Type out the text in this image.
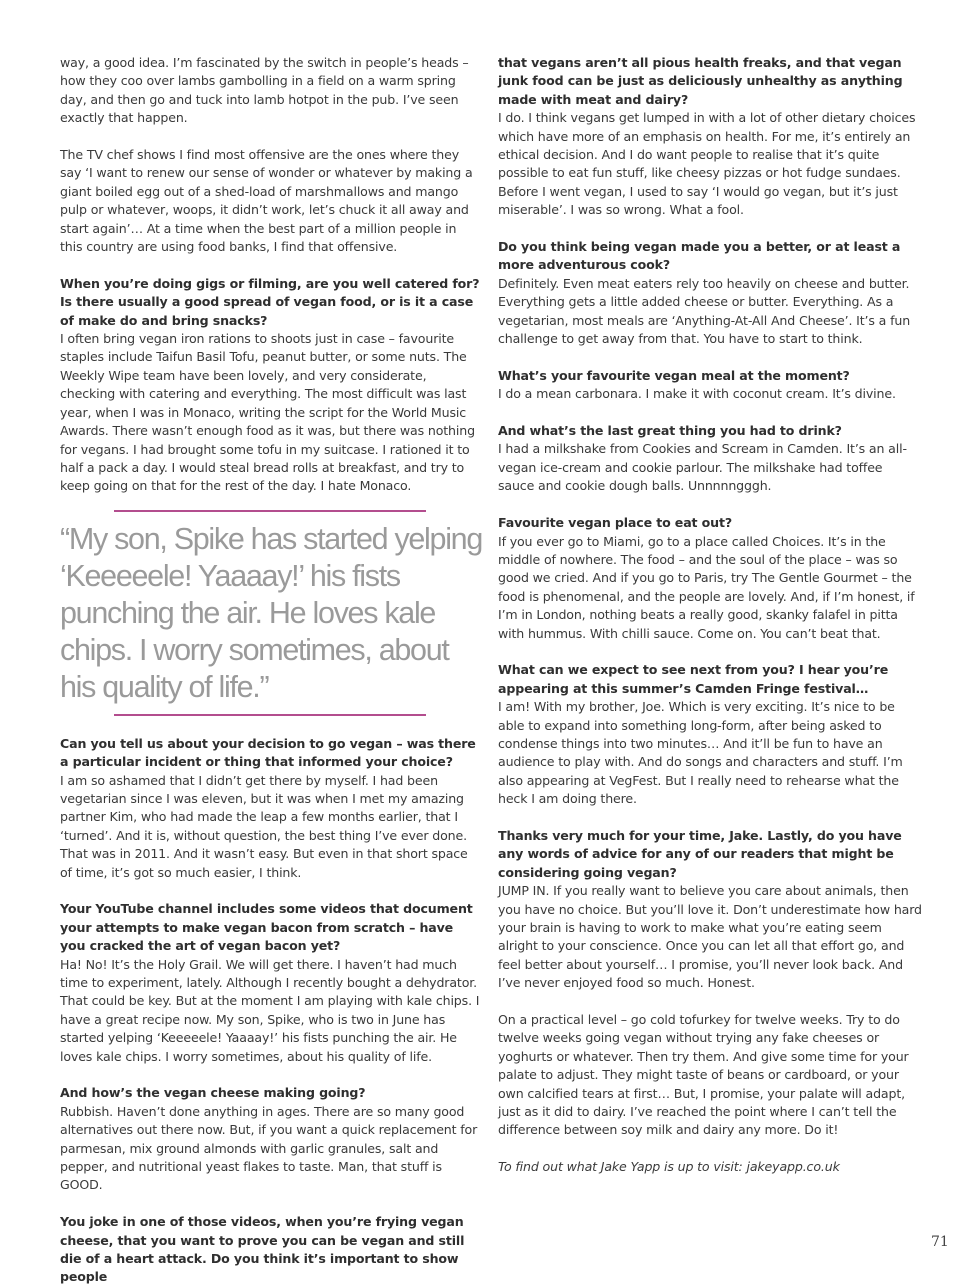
way, a good idea. I’m fascinated by the switch in people’s heads – how they coo over lambs gambolling in a field on a warm spring day, and then go and tuck into lamb hotpot in the pub. I’ve seen exactly that happen.

The TV chef shows I find most offensive are the ones where they say ‘I want to renew our sense of wonder or whatever by making a giant boiled egg out of a shed-load of marshmallows and mango pulp or whatever, woops, it didn’t work, let’s chuck it all away and start again’… At a time when the best part of a million people in this country are using food banks, I find that offensive.

When you’re doing gigs or filming, are you well catered for? Is there usually a good spread of vegan food, or is it a case of make do and bring snacks?

I often bring vegan iron rations to shoots just in case – favourite staples include Taifun Basil Tofu, peanut butter, or some nuts. The Weekly Wipe team have been lovely, and very considerate, checking with catering and everything. The most difficult was last year, when I was in Monaco, writing the script for the World Music Awards. There wasn’t enough food as it was, but there was nothing for vegans. I had brought some tofu in my suitcase. I rationed it to half a pack a day. I would steal bread rolls at breakfast, and try to keep going on that for the rest of the day. I hate Monaco.

“My son, Spike has started yelping ‘Keeeeele! Yaaaay!’ his fists punching the air. He loves kale chips. I worry sometimes, about his quality of life.”

Can you tell us about your decision to go vegan – was there a particular incident or thing that informed your choice?

I am so ashamed that I didn’t get there by myself. I had been vegetarian since I was eleven, but it was when I met my amazing partner Kim, who had made the leap a few months earlier, that I ‘turned’. And it is, without question, the best thing I’ve ever done. That was in 2011. And it wasn’t easy. But even in that short space of time, it’s got so much easier, I think.

Your YouTube channel includes some videos that document your attempts to make vegan bacon from scratch – have you cracked the art of vegan bacon yet?

Ha! No! It’s the Holy Grail. We will get there. I haven’t had much time to experiment, lately. Although I recently bought a dehydrator. That could be key. But at the moment I am playing with kale chips. I have a great recipe now. My son, Spike, who is two in June has started yelping ‘Keeeeele! Yaaaay!’ his fists punching the air. He loves kale chips. I worry sometimes, about his quality of life.

And how’s the vegan cheese making going?

Rubbish. Haven’t done anything in ages. There are so many good alternatives out there now. But, if you want a quick replacement for parmesan, mix ground almonds with garlic granules, salt and pepper, and nutritional yeast flakes to taste. Man, that stuff is GOOD.

You joke in one of those videos, when you’re frying vegan cheese, that you want to prove you can be vegan and still die of a heart attack. Do you think it’s important to show people

that vegans aren’t all pious health freaks, and that vegan junk food can be just as deliciously unhealthy as anything made with meat and dairy?

I do. I think vegans get lumped in with a lot of other dietary choices which have more of an emphasis on health. For me, it’s entirely an ethical decision. And I do want people to realise that it’s quite possible to eat fun stuff, like cheesy pizzas or hot fudge sundaes. Before I went vegan, I used to say ‘I would go vegan, but it’s just miserable’. I was so wrong. What a fool.

Do you think being vegan made you a better, or at least a more adventurous cook?

Definitely. Even meat eaters rely too heavily on cheese and butter. Everything gets a little added cheese or butter. Everything. As a vegetarian, most meals are ‘Anything-At-All And Cheese’. It’s a fun challenge to get away from that. You have to start to think.

What’s your favourite vegan meal at the moment?

I do a mean carbonara. I make it with coconut cream. It’s divine.

And what’s the last great thing you had to drink?

I had a milkshake from Cookies and Scream in Camden. It’s an all-vegan ice-cream and cookie parlour. The milkshake had toffee sauce and cookie dough balls. Unnnnngggh.

Favourite vegan place to eat out?

If you ever go to Miami, go to a place called Choices. It’s in the middle of nowhere. The food – and the soul of the place – was so good we cried. And if you go to Paris, try The Gentle Gourmet – the food is phenomenal, and the people are lovely. And, if I’m honest, if I’m in London, nothing beats a really good, skanky falafel in pitta with hummus. With chilli sauce. Come on. You can’t beat that.

What can we expect to see next from you? I hear you’re appearing at this summer’s Camden Fringe festival…

I am! With my brother, Joe. Which is very exciting. It’s nice to be able to expand into something long-form, after being asked to condense things into two minutes… And it’ll be fun to have an audience to play with. And do songs and characters and stuff. I’m also appearing at VegFest. But I really need to rehearse what the heck I am doing there.

Thanks very much for your time, Jake. Lastly, do you have any words of advice for any of our readers that might be considering going vegan?

JUMP IN. If you really want to believe you care about animals, then you have no choice. But you’ll love it. Don’t underestimate how hard your brain is having to work to make what you’re eating seem alright to your conscience. Once you can let all that effort go, and feel better about yourself… I promise, you’ll never look back. And I’ve never enjoyed food so much. Honest.

On a practical level – go cold tofurkey for twelve weeks. Try to do twelve weeks going vegan without trying any fake cheeses or yoghurts or whatever. Then try them. And give some time for your palate to adjust. They might taste of beans or cardboard, or your own calcified tears at first… But, I promise, your palate will adapt, just as it did to dairy. I’ve reached the point where I can’t tell the difference between soy milk and dairy any more. Do it!

To find out what Jake Yapp is up to visit: jakeyapp.co.uk

71
